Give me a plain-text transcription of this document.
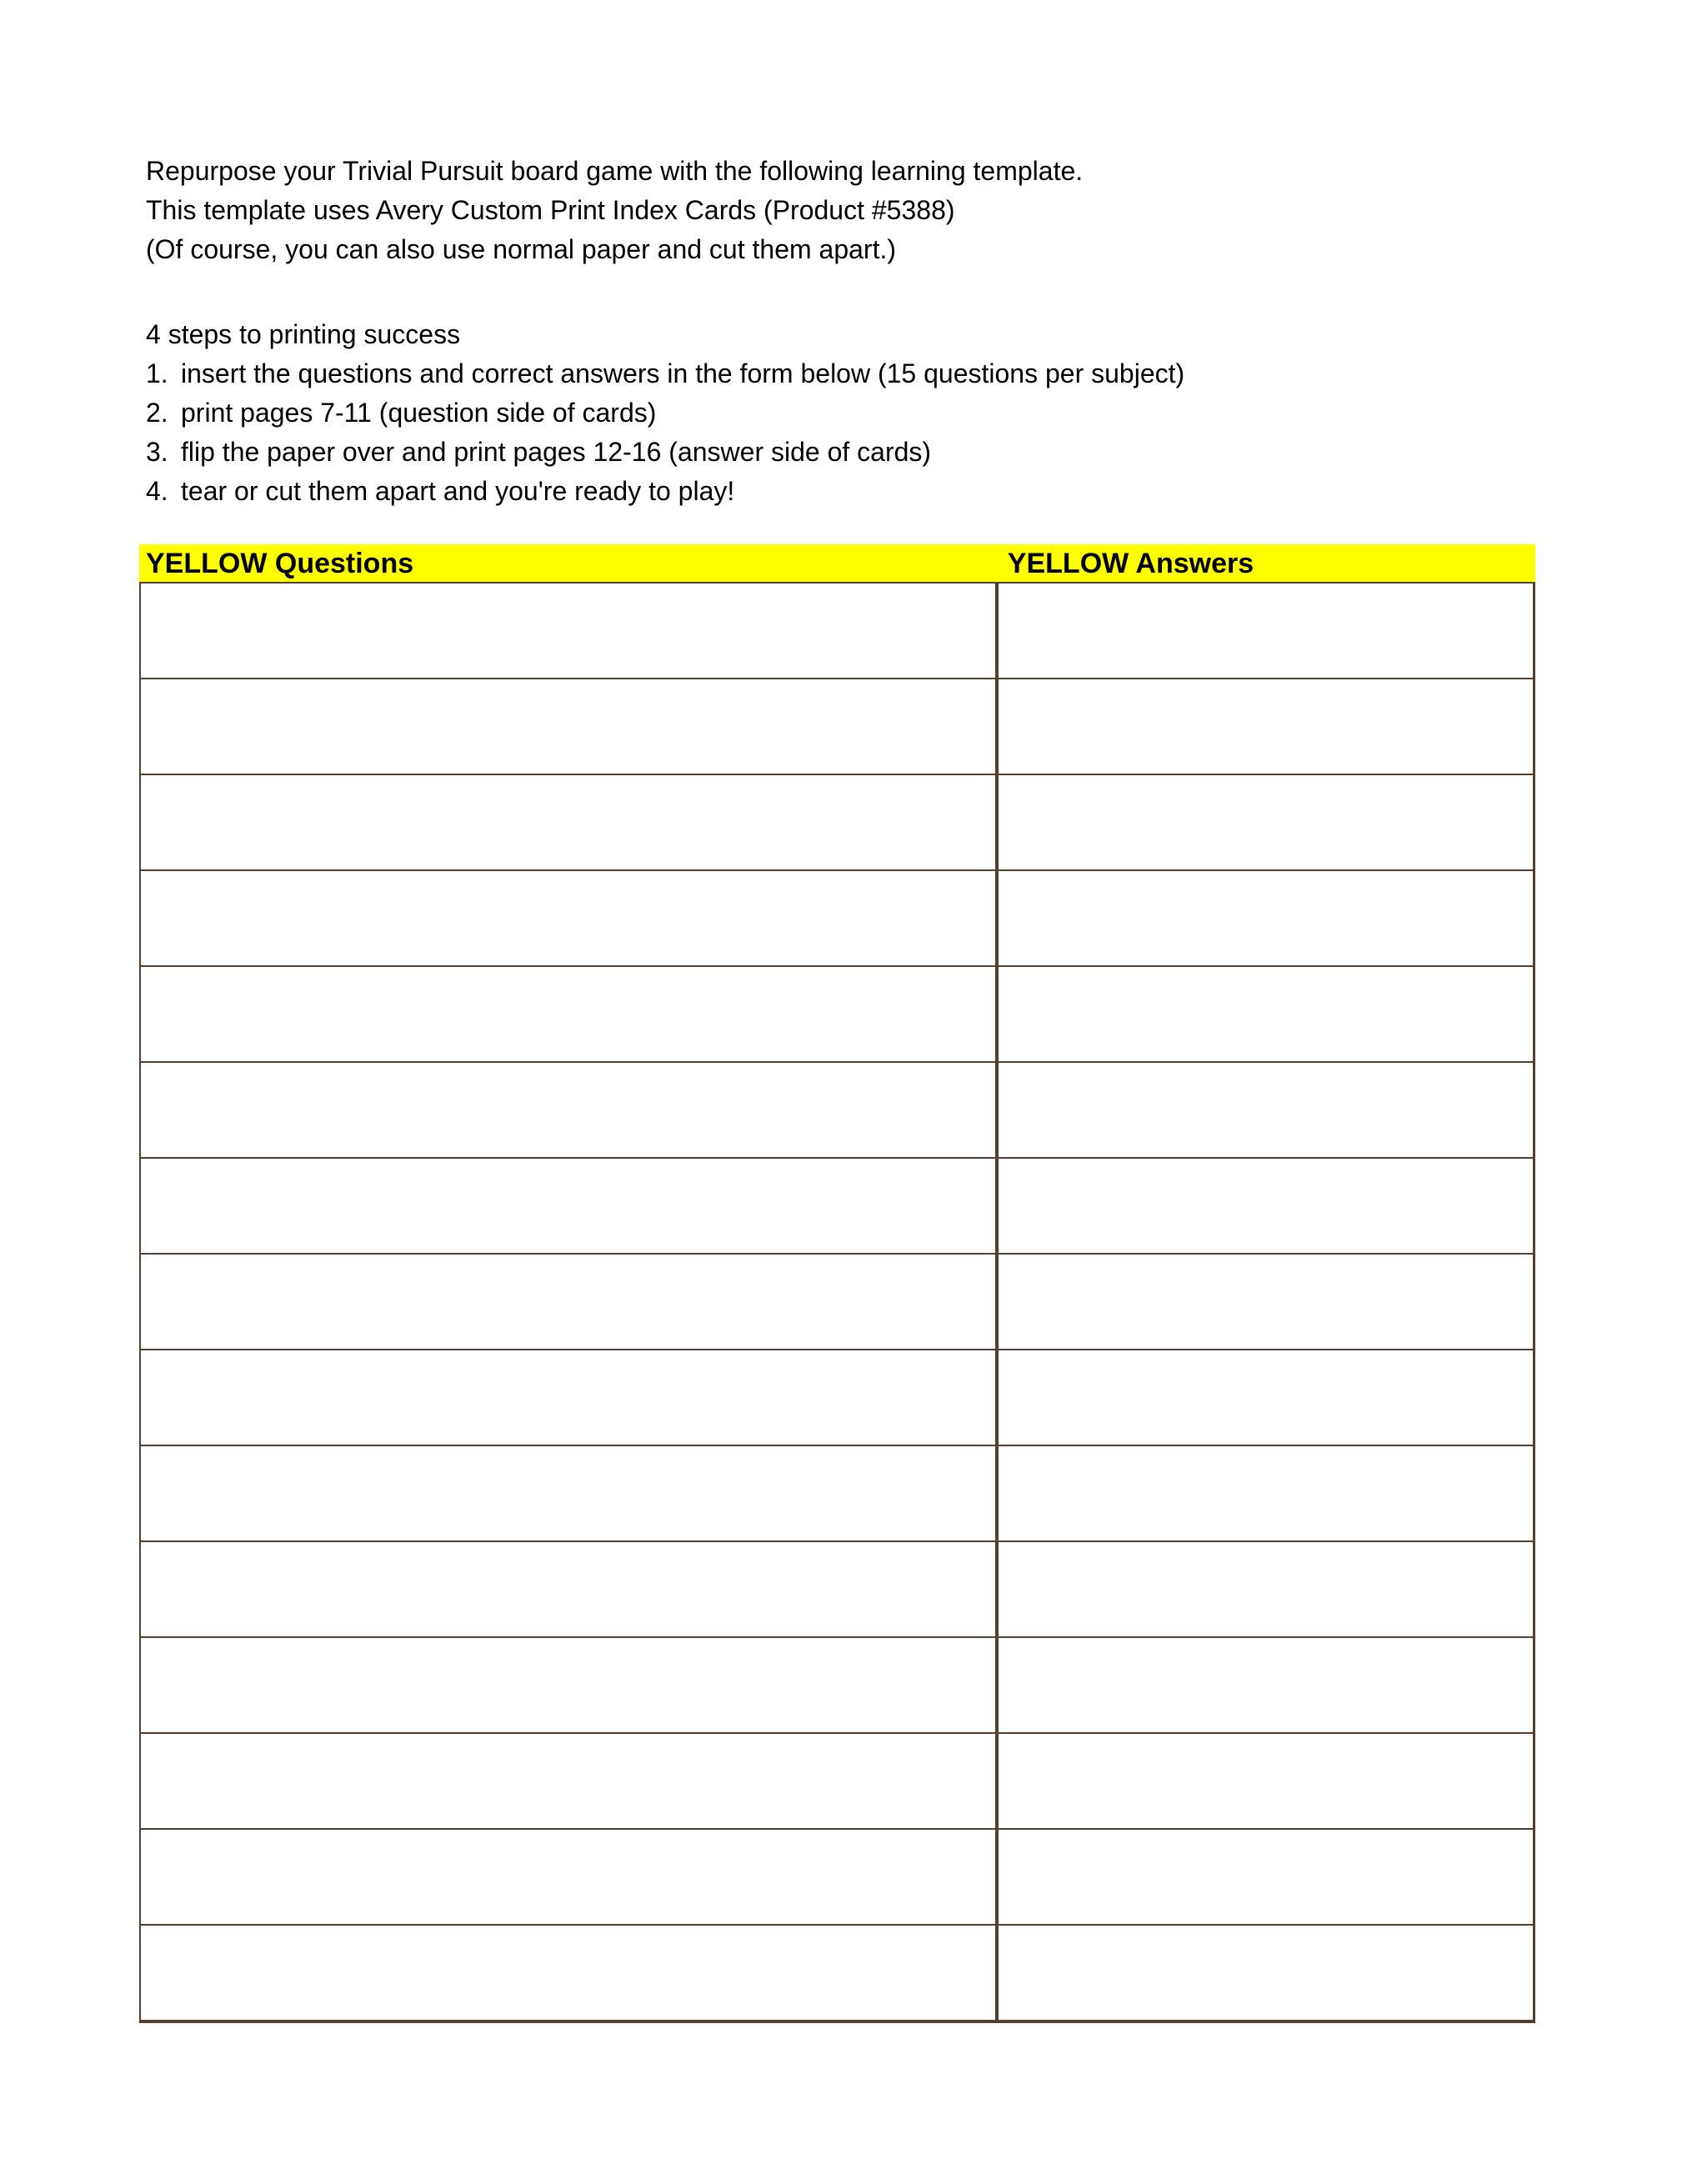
Repurpose your Trivial Pursuit board game with the following learning template.
This template uses Avery Custom Print Index Cards (Product #5388)
(Of course, you can also use normal paper and cut them apart.)
4 steps to printing success
1. insert the questions and correct answers in the form below (15 questions per subject)
2. print pages 7-11 (question side of cards)
3. flip the paper over and print pages 12-16 (answer side of cards)
4. tear or cut them apart and you're ready to play!
YELLOW Questions	YELLOW Answers
